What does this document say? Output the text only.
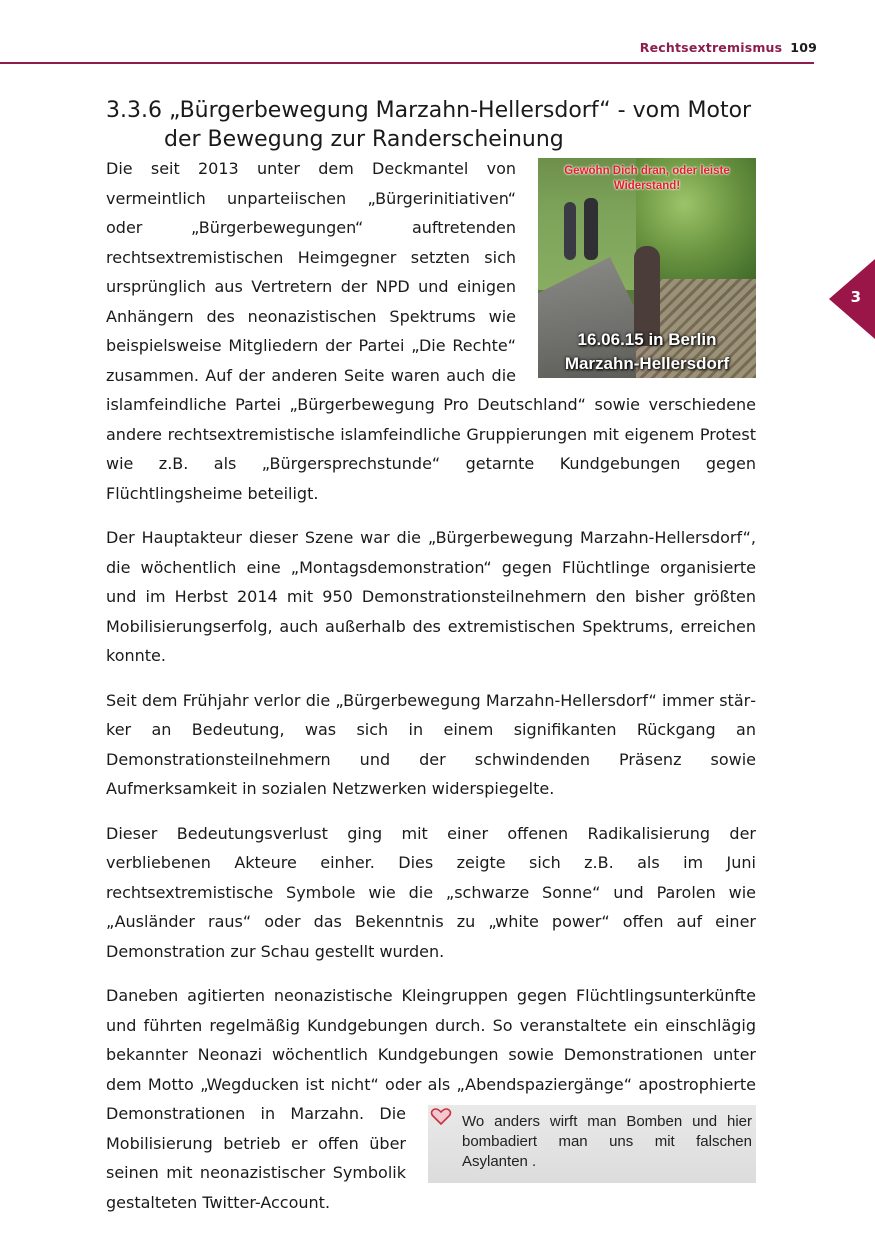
Rechtsextremismus 109
3
3.3.6 „Bürgerbewegung Marzahn-Hellersdorf“ - vom Motor der Bewegung zur Randerscheinung
Gewöhn Dich dran, oder leiste Widerstand!
16.06.15 in Berlin
Marzahn-Hellersdorf

Die seit 2013 unter dem Deckmantel von vermeintlich unparteiischen „Bürgerinitiativen“ oder „Bürgerbewegungen“ auftretenden rechtsextremistischen Heimgegner setzten sich ursprünglich aus Vertretern der NPD und einigen Anhängern des neonazistischen Spektrums wie beispielsweise Mitgliedern der Partei „Die Rechte“ zusammen. Auf der anderen Seite waren auch die islamfeindliche Partei „Bürgerbewegung Pro Deutschland“ sowie verschiedene andere rechtsextremistische islamfeindliche Gruppierungen mit eigenem Protest wie z.B. als „Bürgersprechstunde“ getarnte Kundgebungen gegen Flüchtlingsheime beteiligt.

Der Hauptakteur dieser Szene war die „Bürgerbewegung Marzahn-Hellersdorf“, die wöchentlich eine „Montagsdemonstration“ gegen Flüchtlinge organisierte und im Herbst 2014 mit 950 Demonstrationsteilnehmern den bisher größten Mobilisierungserfolg, auch außerhalb des extremistischen Spektrums, erreichen konnte.

Seit dem Frühjahr verlor die „Bürgerbewegung Marzahn-Hellersdorf“ immer stärker an Bedeutung, was sich in einem signifikanten Rückgang an Demonstrationsteilnehmern und der schwindenden Präsenz sowie Aufmerksamkeit in sozialen Netzwerken widerspiegelte.

Dieser Bedeutungsverlust ging mit einer offenen Radikalisierung der verbliebenen Akteure einher. Dies zeigte sich z.B. als im Juni rechtsextremistische Symbole wie die „schwarze Sonne“ und Parolen wie „Ausländer raus“ oder das Bekenntnis zu „white power“ offen auf einer Demonstration zur Schau gestellt wurden.

Daneben agitierten neonazistische Kleingruppen gegen Flüchtlingsunterkünfte und führten regelmäßig Kundgebungen durch. So veranstaltete ein einschlägig bekannter Neonazi wöchentlich Kundgebungen sowie Demonstrationen unter dem Motto „Wegducken ist nicht“ oder als „Abendspaziergänge“ apostrophier
Wo anders wirft man Bomben und hier bombadiert man uns mit falschen Asylanten .
te Demonstrationen in Marzahn. Die Mobilisierung betrieb er offen über seinen mit neonazistischer Symbolik gestalteten Twitter-Account.
